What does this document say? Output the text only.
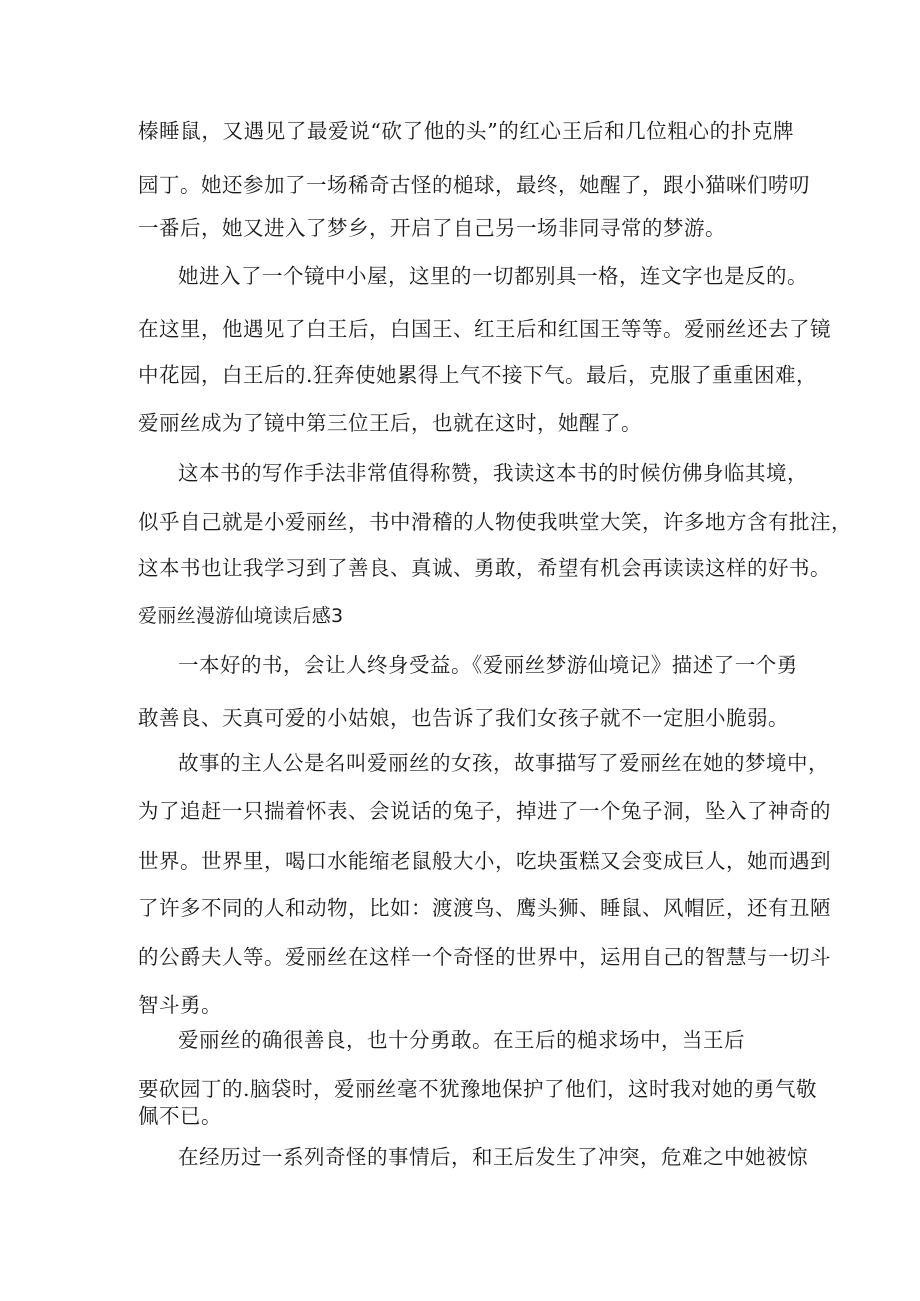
榛睡鼠，又遇见了最爱说“砍了他的头”的红心王后和几位粗心的扑克牌
园丁。她还参加了一场稀奇古怪的槌球，最终，她醒了，跟小猫咪们唠叨
一番后，她又进入了梦乡，开启了自己另一场非同寻常的梦游。
她进入了一个镜中小屋，这里的一切都别具一格，连文字也是反的。
在这里，他遇见了白王后，白国王、红王后和红国王等等。爱丽丝还去了镜
中花园，白王后的.狂奔使她累得上气不接下气。最后，克服了重重困难，
爱丽丝成为了镜中第三位王后，也就在这时，她醒了。
这本书的写作手法非常值得称赞，我读这本书的时候仿佛身临其境，
似乎自己就是小爱丽丝，书中滑稽的人物使我哄堂大笑，许多地方含有批注，
这本书也让我学习到了善良、真诚、勇敢，希望有机会再读读这样的好书。
爱丽丝漫游仙境读后感3
一本好的书，会让人终身受益。《爱丽丝梦游仙境记》描述了一个勇
敢善良、天真可爱的小姑娘，也告诉了我们女孩子就不一定胆小脆弱。
故事的主人公是名叫爱丽丝的女孩，故事描写了爱丽丝在她的梦境中，
为了追赶一只揣着怀表、会说话的兔子，掉进了一个兔子洞，坠入了神奇的
世界。世界里，喝口水能缩老鼠般大小，吃块蛋糕又会变成巨人，她而遇到
了许多不同的人和动物，比如：渡渡鸟、鹰头狮、睡鼠、风帽匠，还有丑陋
的公爵夫人等。爱丽丝在这样一个奇怪的世界中，运用自己的智慧与一切斗
智斗勇。
爱丽丝的确很善良，也十分勇敢。在王后的槌求场中，当王后
要砍园丁的.脑袋时，爱丽丝毫不犹豫地保护了他们，这时我对她的勇气敬
佩不已。
在经历过一系列奇怪的事情后，和王后发生了冲突，危难之中她被惊
